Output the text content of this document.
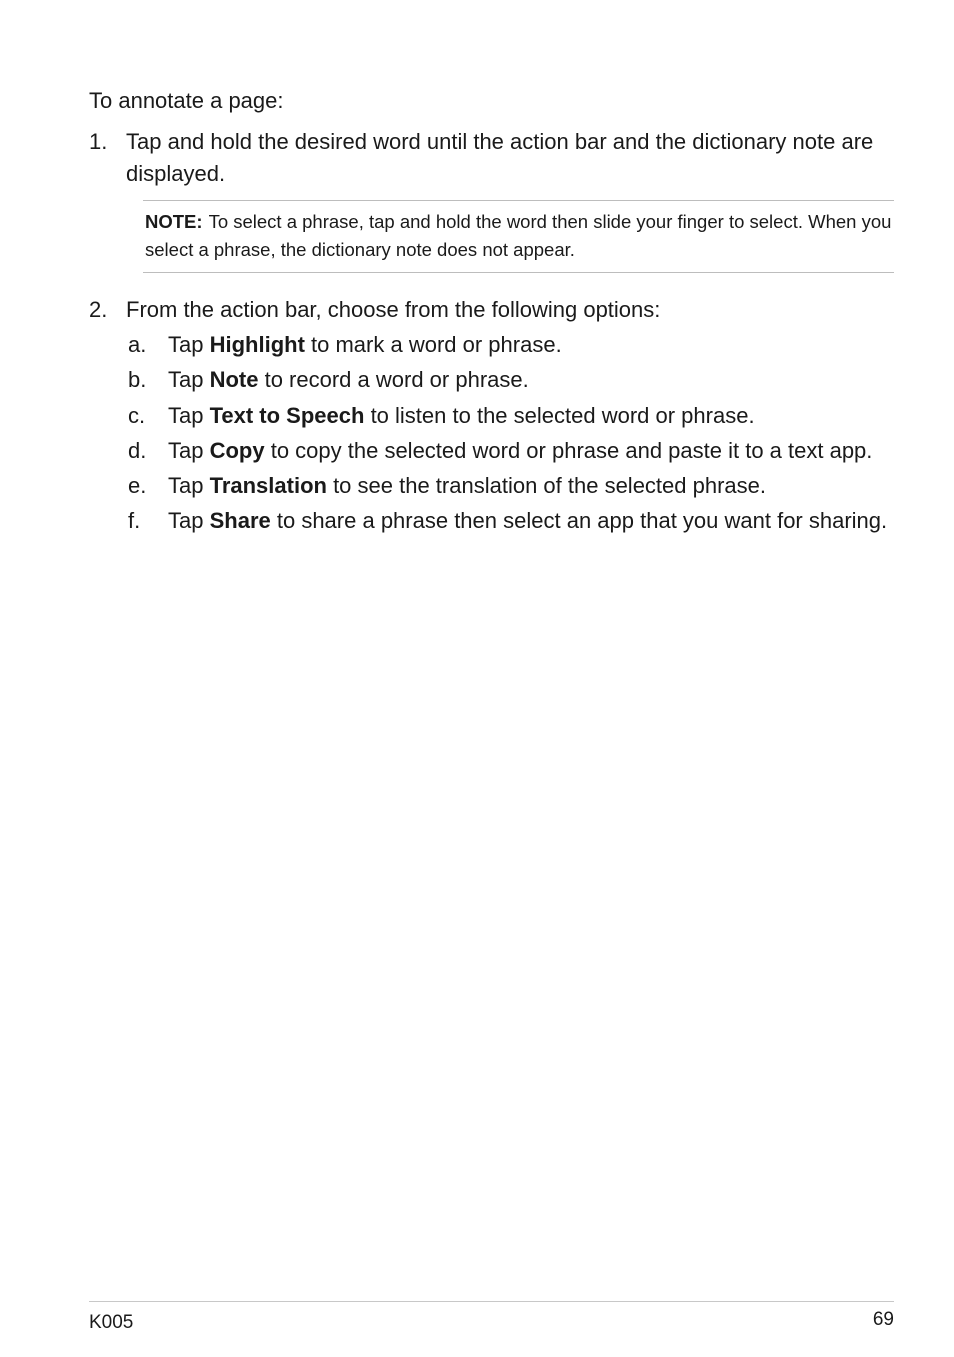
To annotate a page:
1. Tap and hold the desired word until the action bar and the dictionary note are displayed.
NOTE: To select a phrase, tap and hold the word then slide your finger to select. When you select a phrase, the dictionary note does not appear.
2. From the action bar, choose from the following options:
a. Tap Highlight to mark a word or phrase.
b. Tap Note to record a word or phrase.
c. Tap Text to Speech to listen to the selected word or phrase.
d. Tap Copy to copy the selected word or phrase and paste it to a text app.
e. Tap Translation to see the translation of the selected phrase.
f. Tap Share to share a phrase then select an app that you want for sharing.
K005	69
